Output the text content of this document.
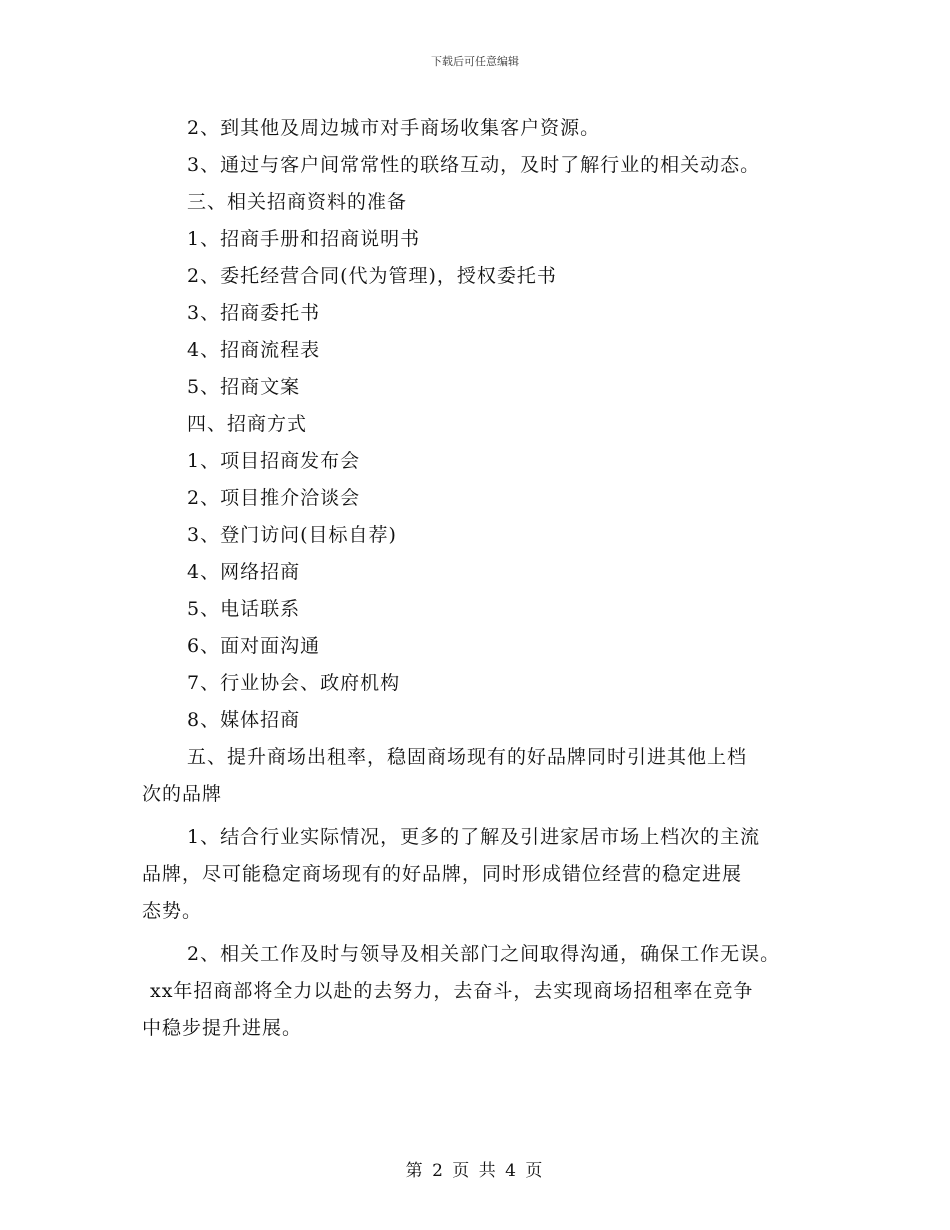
下载后可任意编辑
2、到其他及周边城市对手商场收集客户资源。
3、通过与客户间常常性的联络互动，及时了解行业的相关动态。
三、相关招商资料的准备
1、招商手册和招商说明书
2、委托经营合同(代为管理)，授权委托书
3、招商委托书
4、招商流程表
5、招商文案
四、招商方式
1、项目招商发布会
2、项目推介洽谈会
3、登门访问(目标自荐)
4、网络招商
5、电话联系
6、面对面沟通
7、行业协会、政府机构
8、媒体招商
五、提升商场出租率，稳固商场现有的好品牌同时引进其他上档
次的品牌
1、结合行业实际情况，更多的了解及引进家居市场上档次的主流
品牌，尽可能稳定商场现有的好品牌，同时形成错位经营的稳定进展
态势。
2、相关工作及时与领导及相关部门之间取得沟通，确保工作无误。
xx年招商部将全力以赴的去努力，去奋斗，去实现商场招租率在竞争
中稳步提升进展。
第 2 页 共 4 页
